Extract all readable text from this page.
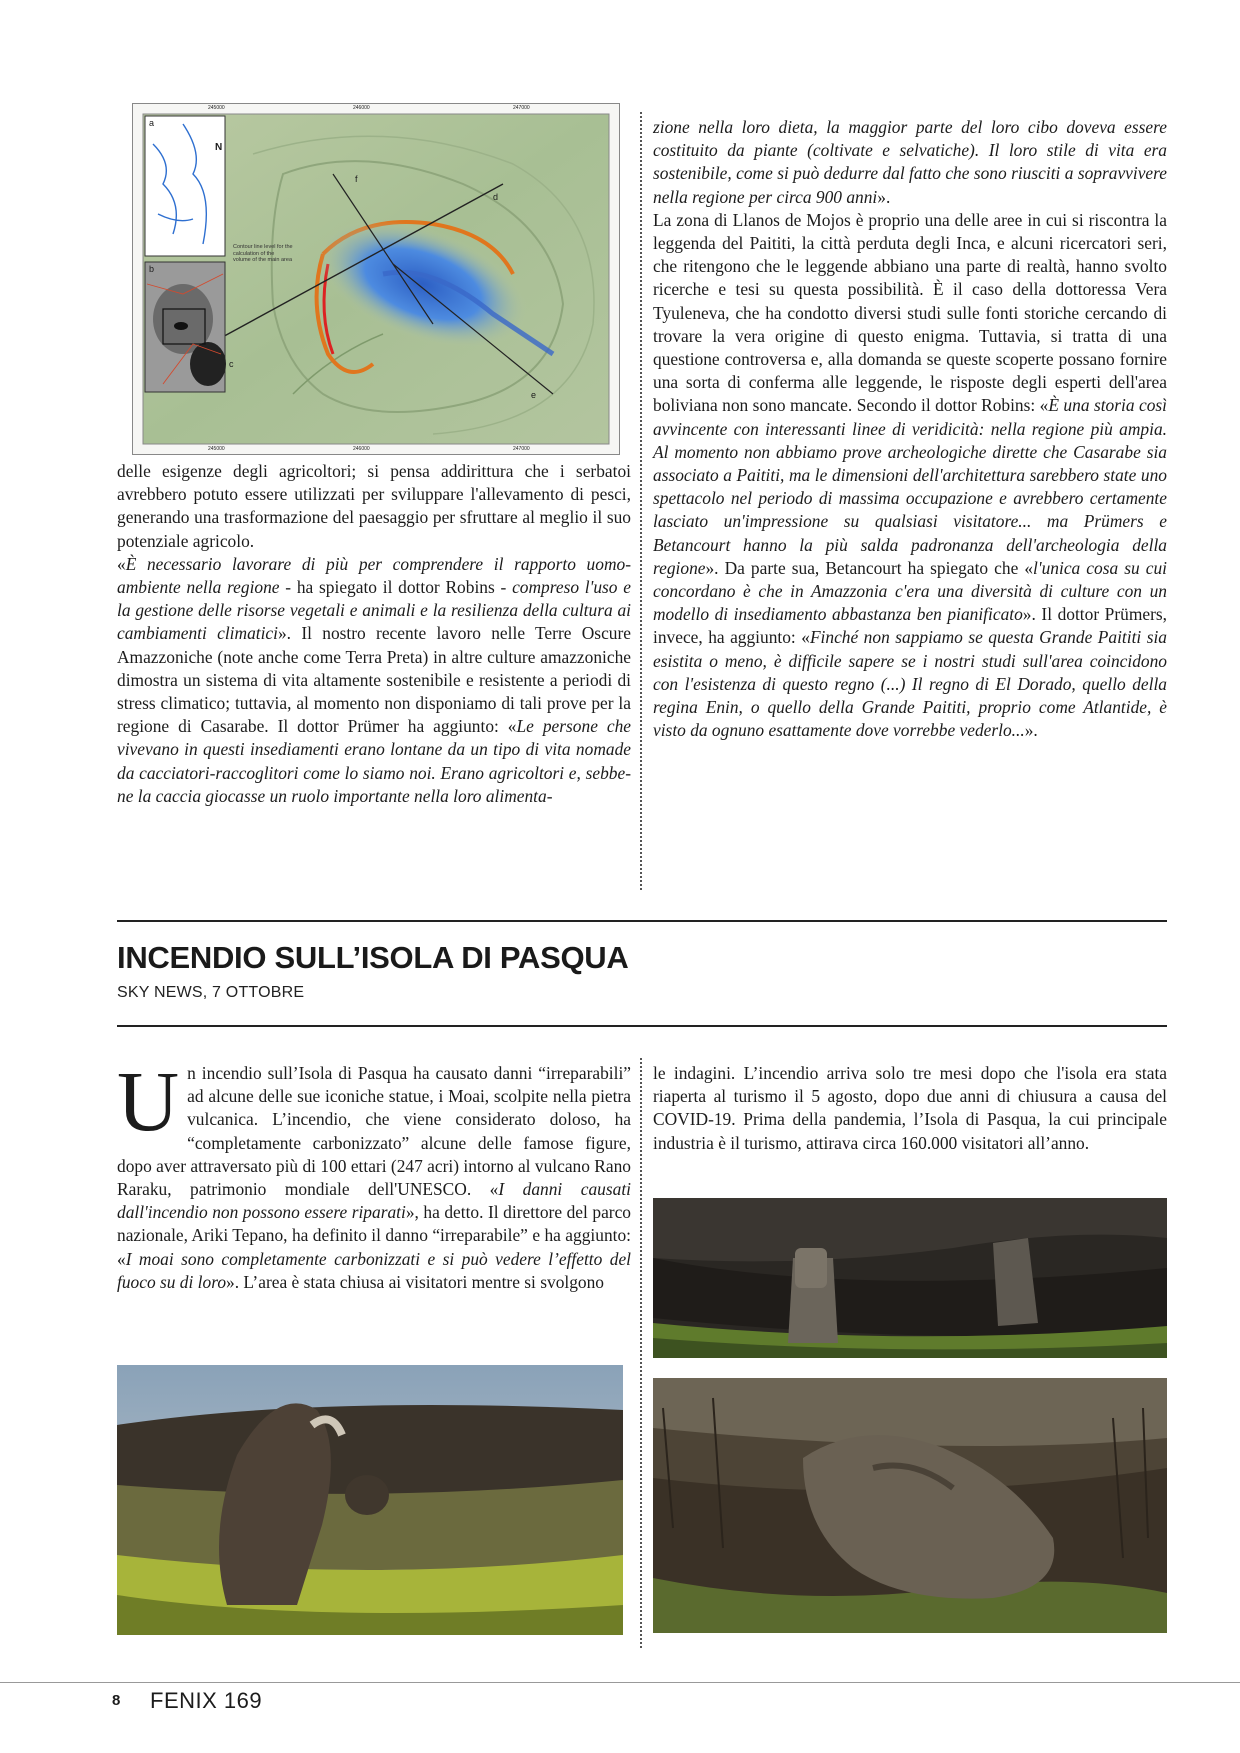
N
a
b
c
d
e
f
Contour line level for the calculation of the volume of the main area
245000	246000	247000
245000	246000	247000

delle esigenze degli agricoltori; si pensa addirittura che i serbatoi avrebbero potuto essere utilizzati per sviluppare l'allevamento di pesci, generando una trasformazione del paesaggio per sfruttare al meglio il suo potenziale agricolo.

«È necessario lavorare di più per comprendere il rapporto uomo-ambiente nella regione - ha spiegato il dottor Robins - compreso l'uso e la gestione delle risorse vegetali e animali e la resilienza della cultura ai cambiamenti climatici». Il nostro recente lavoro nelle Terre Oscure Amazzoniche (note anche come Terra Preta) in altre culture amazzoniche dimostra un sistema di vita altamente sostenibile e resistente a periodi di stress climatico; tuttavia, al momento non disponiamo di tali prove per la regione di Casarabe. Il dottor Prümer ha aggiunto: «Le persone che vivevano in questi insediamenti erano lontane da un tipo di vita nomade da cacciatori-raccoglitori come lo siamo noi. Erano agricoltori e, sebbene la caccia giocasse un ruolo importante nella loro alimenta-

zione nella loro dieta, la maggior parte del loro cibo doveva essere costituito da piante (coltivate e selvatiche). Il loro stile di vita era sostenibile, come si può dedurre dal fatto che sono riusciti a sopravvivere nella regione per circa 900 anni».

La zona di Llanos de Mojos è proprio una delle aree in cui si riscontra la leggenda del Paititi, la città perduta degli Inca, e alcuni ricercatori seri, che ritengono che le leggende abbiano una parte di realtà, hanno svolto ricerche e tesi su questa possibilità. È il caso della dottoressa Vera Tyuleneva, che ha condotto diversi studi sulle fonti storiche cercando di trovare la vera origine di questo enigma. Tuttavia, si tratta di una questione controversa e, alla domanda se queste scoperte possano fornire una sorta di conferma alle leggende, le risposte degli esperti dell'area boliviana non sono mancate. Secondo il dottor Robins: «È una storia così avvincente con interessanti linee di veridicità: nella regione più ampia. Al momento non abbiamo prove archeologiche dirette che Casarabe sia associato a Paititi, ma le dimensioni dell'architettura sarebbero state uno spettacolo nel periodo di massima occupazione e avrebbero certamente lasciato un'impressione su qualsiasi visitatore... ma Prümers e Betancourt hanno la più salda padronanza dell'archeologia della regione». Da parte sua, Betancourt ha spiegato che «l'unica cosa su cui concordano è che in Amazzonia c'era una diversità di culture con un modello di insediamento abbastanza ben pianificato». Il dottor Prümers, invece, ha aggiunto: «Finché non sappiamo se questa Grande Paititi sia esistita o meno, è difficile sapere se i nostri studi sull'area coincidono con l'esistenza di questo regno (...) Il regno di El Dorado, quello della regina Enin, o quello della Grande Paititi, proprio come Atlantide, è visto da ognuno esattamente dove vorrebbe vederlo...».

INCENDIO SULL’ISOLA DI PASQUA
SKY NEWS, 7 OTTOBRE

Un incendio sull’Isola di Pasqua ha causato danni “irreparabili” ad alcune delle sue iconiche statue, i Moai, scolpite nella pietra vulcanica. L’incendio, che viene considerato doloso, ha “completamente carbonizzato” alcune delle famose figure, dopo aver attraversato più di 100 ettari (247 acri) intorno al vulcano Rano Raraku, patrimonio mondiale dell'UNESCO. «I danni causati dall'incendio non possono essere riparati», ha detto. Il direttore del parco nazionale, Ariki Tepano, ha definito il danno “irreparabile” e ha aggiunto: «I moai sono completamente carbonizzati e si può vedere l’effetto del fuoco su di loro». L’area è stata chiusa ai visitatori mentre si svolgono

le indagini. L’incendio arriva solo tre mesi dopo che l'isola era stata riaperta al turismo il 5 agosto, dopo due anni di chiusura a causa del COVID-19. Prima della pandemia, l’Isola di Pasqua, la cui principale industria è il turismo, attirava circa 160.000 visitatori all’anno.

8 FENIX 169
